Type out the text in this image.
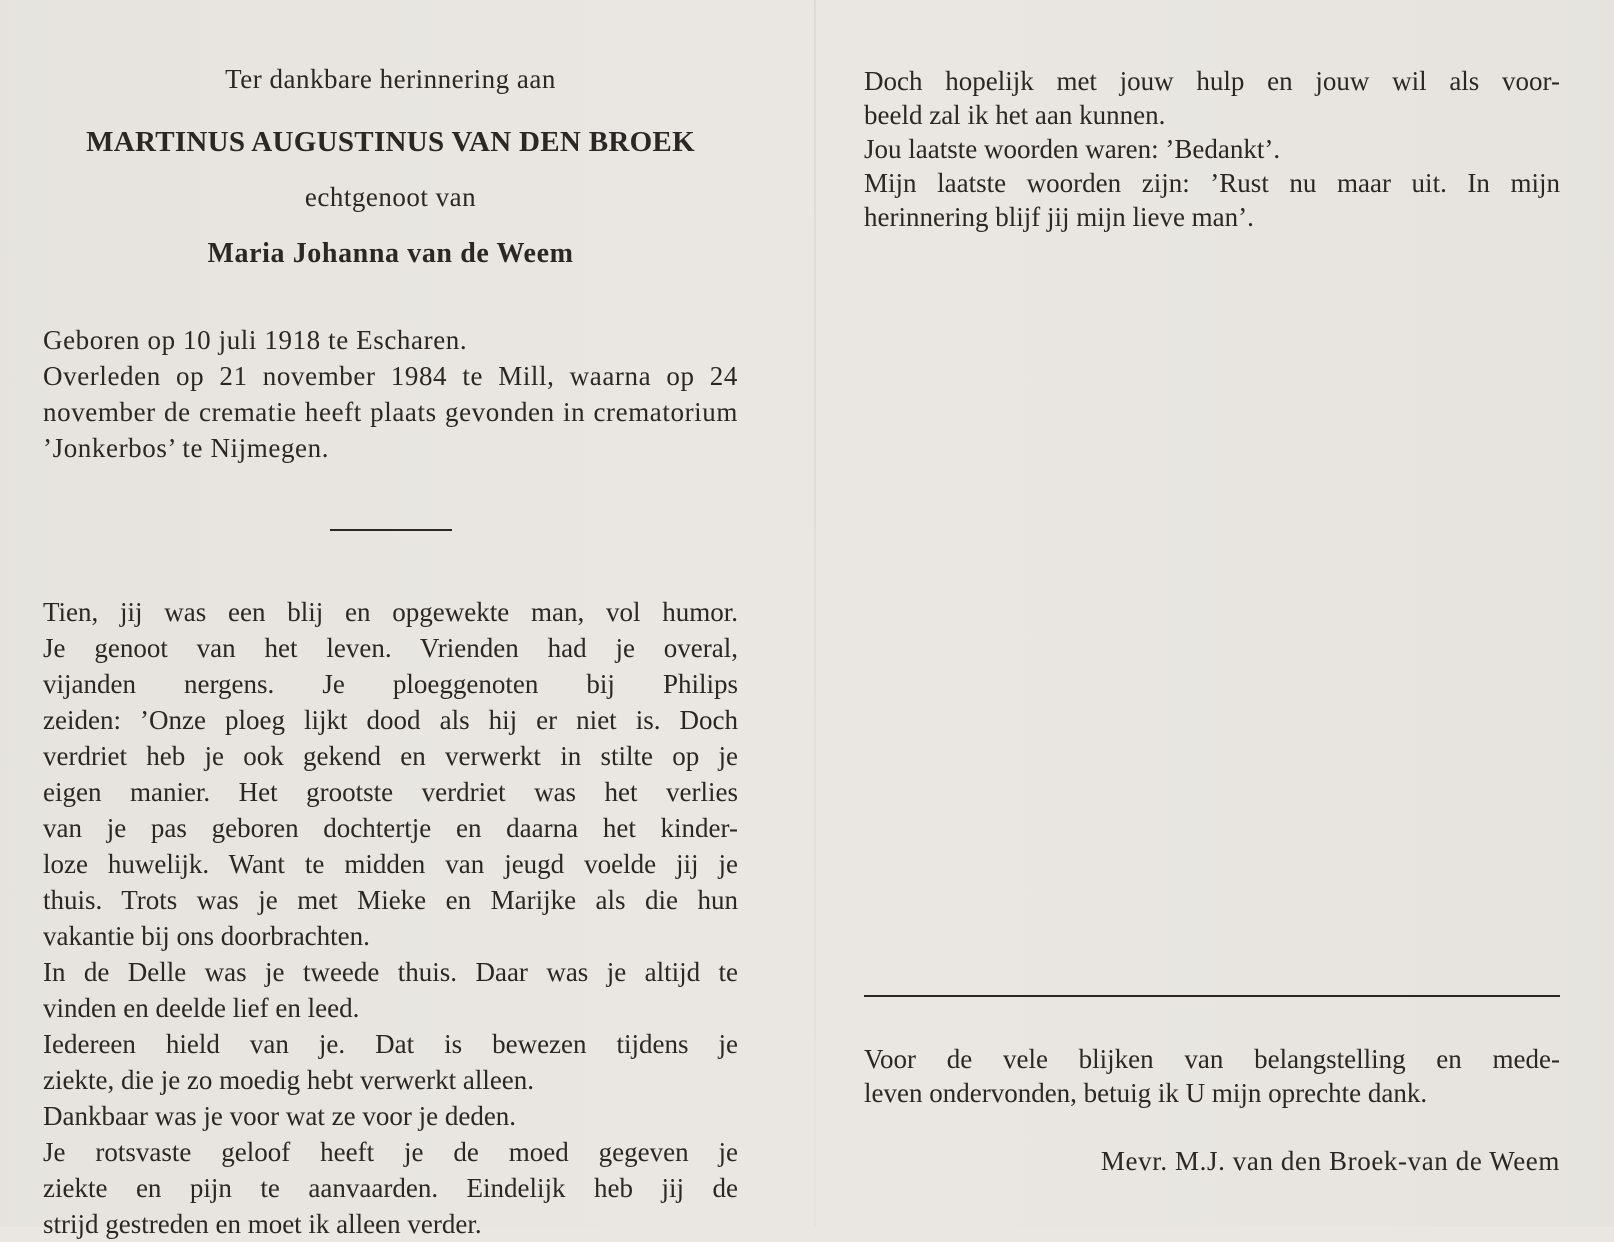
Ter dankbare herinnering aan

MARTINUS AUGUSTINUS VAN DEN BROEK

echtgenoot van

Maria Johanna van de Weem

Geboren op 10 juli 1918 te Escharen.

Overleden op 21 november 1984 te Mill, waarna op 24 november de crematie heeft plaats gevonden in crematorium ’Jonkerbos’ te Nijmegen.

Tien, jij was een blij en opgewekte man, vol humor.
Je genoot van het leven. Vrienden had je overal,
vijanden nergens. Je ploeggenoten bij Philips
zeiden: ’Onze ploeg lijkt dood als hij er niet is. Doch
verdriet heb je ook gekend en verwerkt in stilte op je
eigen manier. Het grootste verdriet was het verlies
van je pas geboren dochtertje en daarna het kinder-
loze huwelijk. Want te midden van jeugd voelde jij je
thuis. Trots was je met Mieke en Marijke als die hun
vakantie bij ons doorbrachten.
In de Delle was je tweede thuis. Daar was je altijd te
vinden en deelde lief en leed.
Iedereen hield van je. Dat is bewezen tijdens je
ziekte, die je zo moedig hebt verwerkt alleen.
Dankbaar was je voor wat ze voor je deden.
Je rotsvaste geloof heeft je de moed gegeven je
ziekte en pijn te aanvaarden. Eindelijk heb jij de
strijd gestreden en moet ik alleen verder.
Doch hopelijk met jouw hulp en jouw wil als voor-
beeld zal ik het aan kunnen.
Jou laatste woorden waren: ’Bedankt’.
Mijn laatste woorden zijn: ’Rust nu maar uit. In mijn
herinnering blijf jij mijn lieve man’.
Voor de vele blijken van belangstelling en mede-
leven ondervonden, betuig ik U mijn oprechte dank.
Mevr. M.J. van den Broek-van de Weem
